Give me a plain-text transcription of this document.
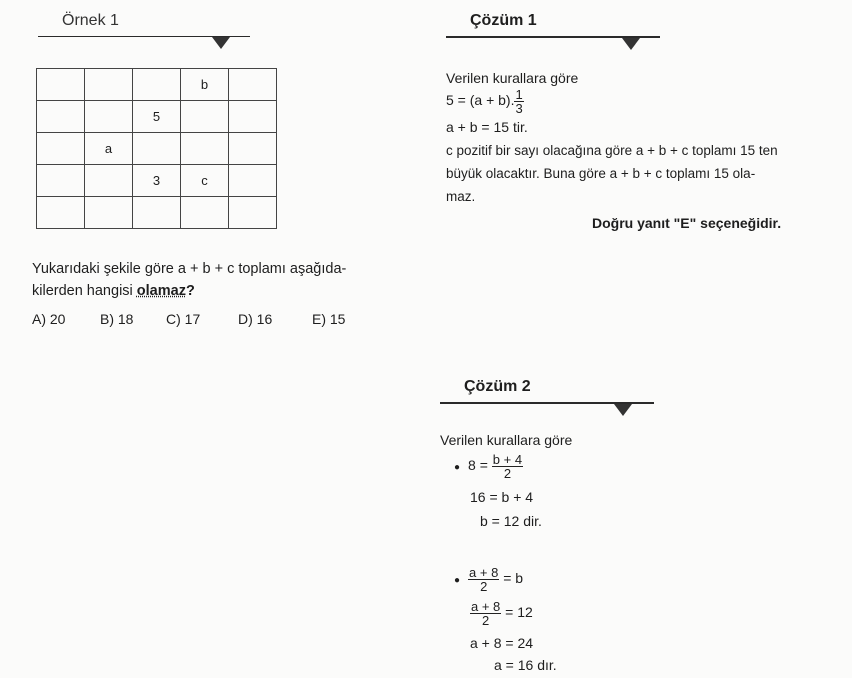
Örnek 1
			b	
		5		
	a			
		3	c	

Yukarıdaki şekile göre a + b + c toplamı aşağıda-
kilerden hangisi olamaz?
A) 20 B) 18 C) 17	D) 16	E) 15
Çözüm 1
Verilen kurallara göre
5 = (a + b). $\frac{1}{3}$
a + b = 15 tir.
c pozitif bir sayı olacağına göre a + b + c toplamı 15 ten
büyük olacaktır. Buna göre a + b + c toplamı 15 ola-
maz.
Doğru yanıt "E" seçeneğidir.
Çözüm 2
Verilen kurallara göre
● $8 = \frac{b + 4}{2}$
16 = b + 4
b = 12 dir.
● $\frac{a + 8}{2} = b$
$\frac{a + 8}{2} = 12$
a + 8 = 24
a = 16 dır.
